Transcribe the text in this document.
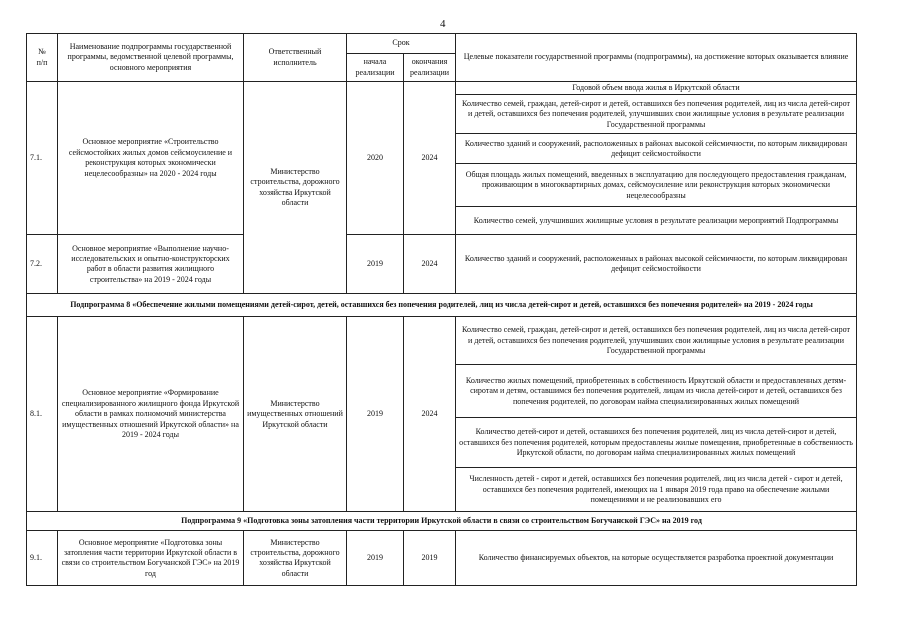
4
№
п/п	Наименование подпрограммы государственной программы, ведомственной целевой программы, основного мероприятия	Ответственный исполнитель	Срок		Целевые показатели государственной программы (подпрограммы), на достижение которых оказывается влияние
			начала реализации	окончания реализации	
7.1.	Основное мероприятие «Строительство сейсмостойких жилых домов сейсмоусиление и реконструкция которых экономически нецелесообразны» на 2020 - 2024 годы	Министерство строительства, дорожного хозяйства Иркутской области	2020	2024	Годовой объем ввода жилья в Иркутской области
					Количество семей, граждан, детей-сирот и детей, оставшихся без попечения родителей, лиц из числа детей-сирот и детей, оставшихся без попечения родителей, улучшивших свои жилищные условия в результате реализации Государственной программы
					Количество зданий и сооружений, расположенных в районах высокой сейсмичности, по которым ликвидирован дефицит сейсмостойкости
					Общая площадь жилых помещений, введенных в эксплуатацию для последующего предоставления гражданам, проживающим в многоквартирных домах, сейсмоусиление или реконструкция которых экономически нецелесообразны
					Количество семей, улучшивших жилищные условия в результате реализации мероприятий Подпрограммы

7.2.	Основное мероприятие «Выполнение научно-исследовательских и опытно-конструкторских работ в области развития жилищного строительства» на 2019 - 2024 годы		2019	2024	Количество зданий и сооружений, расположенных в районах высокой сейсмичности, по которым ликвидирован дефицит сейсмостойкости
Подпрограмма 8 «Обеспечение жилыми помещениями детей-сирот, детей, оставшихся без попечения родителей, лиц из числа детей-сирот и детей, оставшихся без попечения родителей» на 2019 - 2024 годы					
8.1.	Основное мероприятие «Формирование специализированного жилищного фонда Иркутской области в рамках полномочий министерства имущественных отношений Иркутской области» на 2019 - 2024 годы	Министерство имущественных отношений Иркутской области	2019	2024	Количество семей, граждан, детей-сирот и детей, оставшихся без попечения родителей, лиц из числа детей-сирот и детей, оставшихся без попечения родителей, улучшивших свои жилищные условия в результате реализации Государственной программы
					Количество жилых помещений, приобретенных в собственность Иркутской области и предоставленных детям-сиротам и детям, оставшимся без попечения родителей, лицам из числа детей-сирот и детей, оставшихся без попечения родителей, по договорам найма специализированных жилых помещений
					Количество детей-сирот и детей, оставшихся без попечения родителей, лиц из числа детей-сирот и детей, оставшихся без попечения родителей, которым предоставлены жилые помещения, приобретенные в собственность Иркутской области, по договорам найма специализированных жилых помещений
					Численность детей - сирот и детей, оставшихся без попечения родителей, лиц из числа детей - сирот и детей, оставшихся без попечения родителей, имеющих на 1 января 2019 года право на обеспечение жилыми помещениями и не реализовавших его
Подпрограмма 9 «Подготовка зоны затопления части территории Иркутской области в связи со строительством Богучанской ГЭС» на 2019 год					
9.1.	Основное мероприятие «Подготовка зоны затопления части территории Иркутской области в связи со строительством Богучанской ГЭС» на 2019 год	Министерство строительства, дорожного хозяйства Иркутской области	2019	2019	Количество финансируемых объектов, на которые осуществляется разработка проектной документации
